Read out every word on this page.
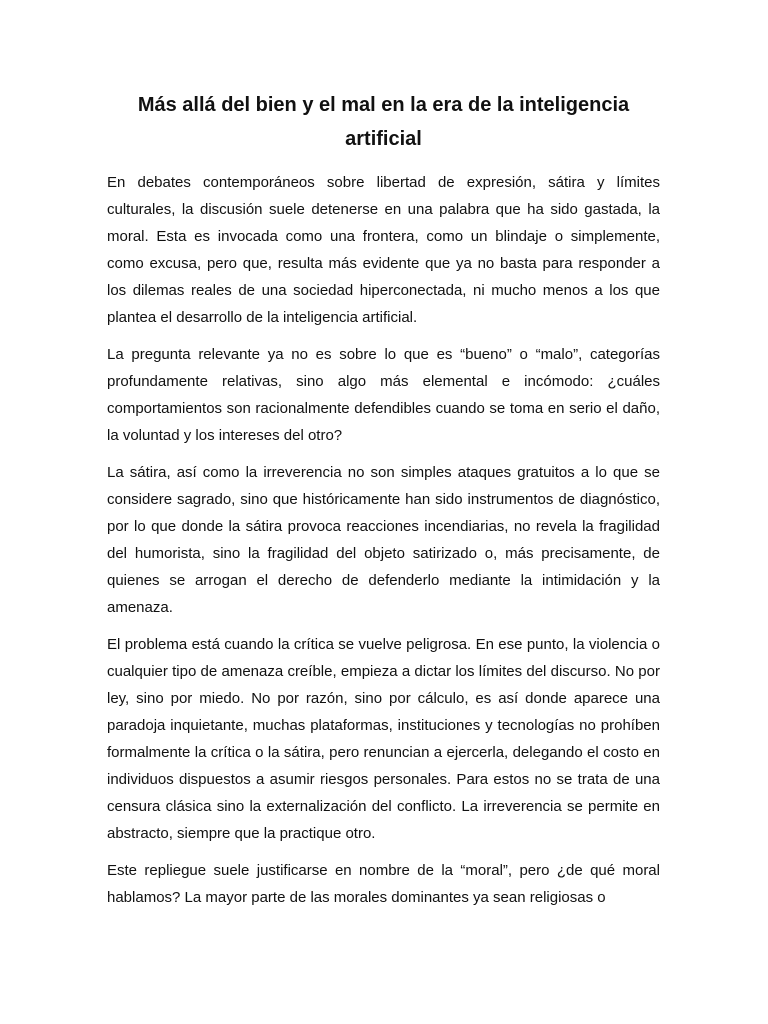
Más allá del bien y el mal en la era de la inteligencia artificial

En debates contemporáneos sobre libertad de expresión, sátira y límites culturales, la discusión suele detenerse en una palabra que ha sido gastada, la moral. Esta es invocada como una frontera, como un blindaje o simplemente, como excusa, pero que, resulta más evidente que ya no basta para responder a los dilemas reales de una sociedad hiperconectada, ni mucho menos a los que plantea el desarrollo de la inteligencia artificial.

La pregunta relevante ya no es sobre lo que es “bueno” o “malo”, categorías profundamente relativas, sino algo más elemental e incómodo: ¿cuáles comportamientos son racionalmente defendibles cuando se toma en serio el daño, la voluntad y los intereses del otro?

La sátira, así como la irreverencia no son simples ataques gratuitos a lo que se considere sagrado, sino que históricamente han sido instrumentos de diagnóstico, por lo que donde la sátira provoca reacciones incendiarias, no revela la fragilidad del humorista, sino la fragilidad del objeto satirizado o, más precisamente, de quienes se arrogan el derecho de defenderlo mediante la intimidación y la amenaza.

El problema está cuando la crítica se vuelve peligrosa. En ese punto, la violencia o cualquier tipo de amenaza creíble, empieza a dictar los límites del discurso. No por ley, sino por miedo. No por razón, sino por cálculo, es así donde aparece una paradoja inquietante, muchas plataformas, instituciones y tecnologías no prohíben formalmente la crítica o la sátira, pero renuncian a ejercerla, delegando el costo en individuos dispuestos a asumir riesgos personales. Para estos no se trata de una censura clásica sino la externalización del conflicto. La irreverencia se permite en abstracto, siempre que la practique otro.

Este repliegue suele justificarse en nombre de la “moral”, pero ¿de qué moral hablamos? La mayor parte de las morales dominantes ya sean religiosas o
